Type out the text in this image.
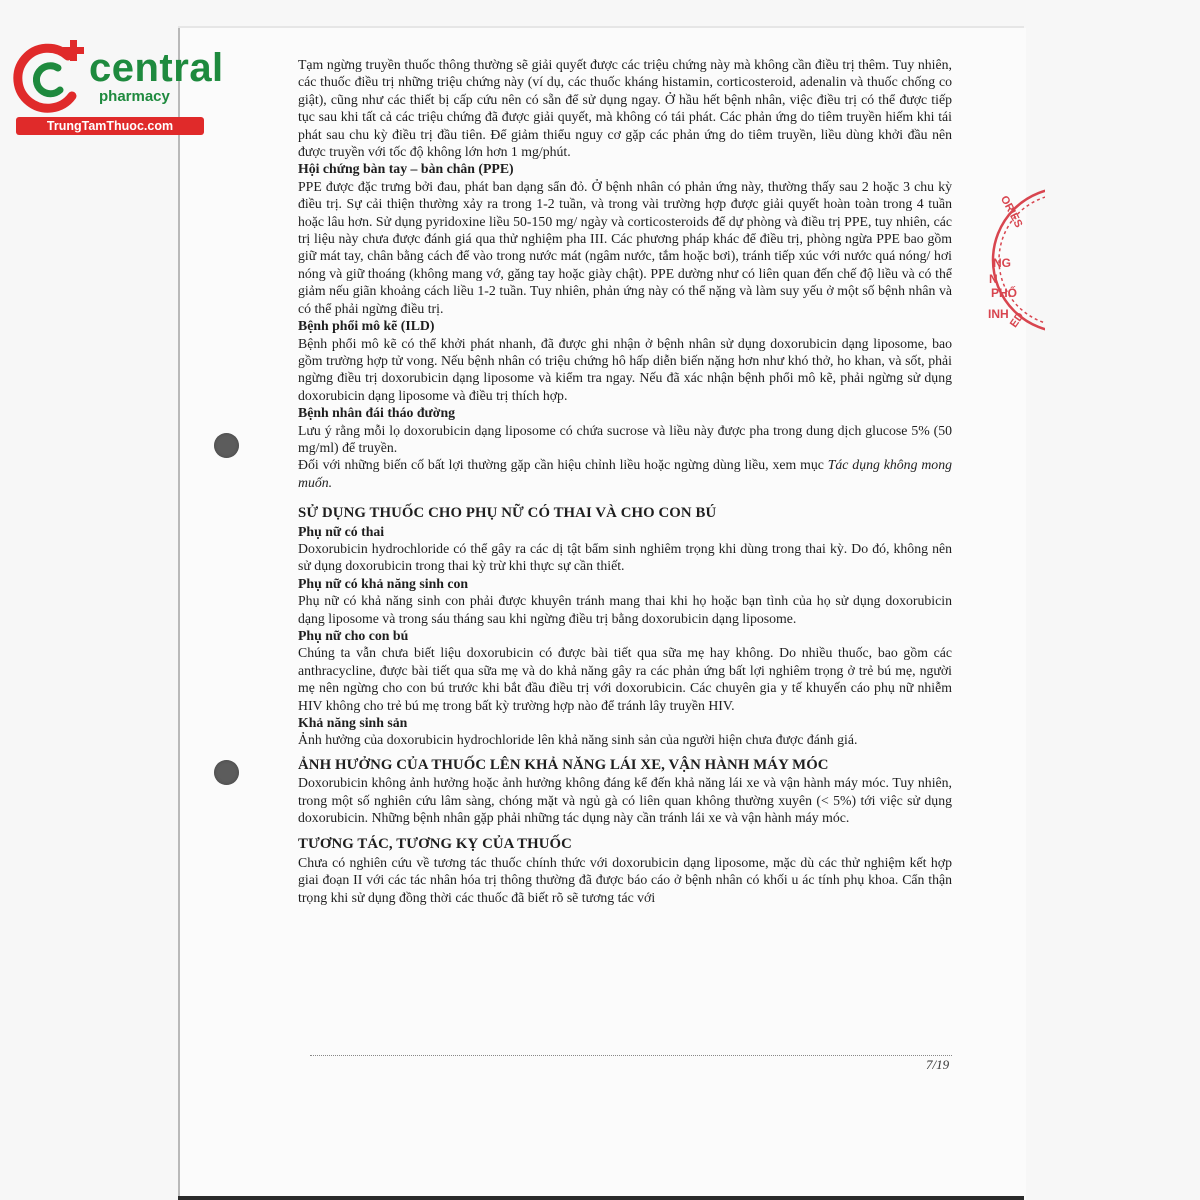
central
pharmacy
TrungTamThuoc.com
ORIES
ED
NG
N
PHỐ
INH

Tạm ngừng truyền thuốc thông thường sẽ giải quyết được các triệu chứng này mà không cần điều trị thêm. Tuy nhiên, các thuốc điều trị những triệu chứng này (ví dụ, các thuốc kháng histamin, corticosteroid, adenalin và thuốc chống co giật), cũng như các thiết bị cấp cứu nên có sẵn để sử dụng ngay. Ở hầu hết bệnh nhân, việc điều trị có thể được tiếp tục sau khi tất cả các triệu chứng đã được giải quyết, mà không có tái phát. Các phản ứng do tiêm truyền hiếm khi tái phát sau chu kỳ điều trị đầu tiên. Để giảm thiểu nguy cơ gặp các phản ứng do tiêm truyền, liều dùng khởi đầu nên được truyền với tốc độ không lớn hơn 1 mg/phút.

Hội chứng bàn tay – bàn chân (PPE)

PPE được đặc trưng bởi đau, phát ban dạng sẩn đỏ. Ở bệnh nhân có phản ứng này, thường thấy sau 2 hoặc 3 chu kỳ điều trị. Sự cải thiện thường xảy ra trong 1-2 tuần, và trong vài trường hợp được giải quyết hoàn toàn trong 4 tuần hoặc lâu hơn. Sử dụng pyridoxine liều 50-150 mg/ ngày và corticosteroids để dự phòng và điều trị PPE, tuy nhiên, các trị liệu này chưa được đánh giá qua thử nghiệm pha III. Các phương pháp khác để điều trị, phòng ngừa PPE bao gồm giữ mát tay, chân bằng cách để vào trong nước mát (ngâm nước, tắm hoặc bơi), tránh tiếp xúc với nước quá nóng/ hơi nóng và giữ thoáng (không mang vớ, găng tay hoặc giày chật). PPE dường như có liên quan đến chế độ liều và có thể giảm nếu giãn khoảng cách liều 1-2 tuần. Tuy nhiên, phản ứng này có thể nặng và làm suy yếu ở một số bệnh nhân và có thể phải ngừng điều trị.

Bệnh phổi mô kẽ (ILD)

Bệnh phổi mô kẽ có thể khởi phát nhanh, đã được ghi nhận ở bệnh nhân sử dụng doxorubicin dạng liposome, bao gồm trường hợp tử vong. Nếu bệnh nhân có triệu chứng hô hấp diễn biến nặng hơn như khó thở, ho khan, và sốt, phải ngừng điều trị doxorubicin dạng liposome và kiểm tra ngay. Nếu đã xác nhận bệnh phổi mô kẽ, phải ngừng sử dụng doxorubicin dạng liposome và điều trị thích hợp.

Bệnh nhân đái tháo đường

Lưu ý rằng mỗi lọ doxorubicin dạng liposome có chứa sucrose và liều này được pha trong dung dịch glucose 5% (50 mg/ml) để truyền.

Đối với những biến cố bất lợi thường gặp cần hiệu chỉnh liều hoặc ngừng dùng liều, xem mục Tác dụng không mong muốn.

SỬ DỤNG THUỐC CHO PHỤ NỮ CÓ THAI VÀ CHO CON BÚ
Phụ nữ có thai

Doxorubicin hydrochloride có thể gây ra các dị tật bẩm sinh nghiêm trọng khi dùng trong thai kỳ. Do đó, không nên sử dụng doxorubicin trong thai kỳ trừ khi thực sự cần thiết.

Phụ nữ có khả năng sinh con

Phụ nữ có khả năng sinh con phải được khuyên tránh mang thai khi họ hoặc bạn tình của họ sử dụng doxorubicin dạng liposome và trong sáu tháng sau khi ngừng điều trị bằng doxorubicin dạng liposome.

Phụ nữ cho con bú

Chúng ta vẫn chưa biết liệu doxorubicin có được bài tiết qua sữa mẹ hay không. Do nhiều thuốc, bao gồm các anthracycline, được bài tiết qua sữa mẹ và do khả năng gây ra các phản ứng bất lợi nghiêm trọng ở trẻ bú mẹ, người mẹ nên ngừng cho con bú trước khi bắt đầu điều trị với doxorubicin. Các chuyên gia y tế khuyến cáo phụ nữ nhiễm HIV không cho trẻ bú mẹ trong bất kỳ trường hợp nào để tránh lây truyền HIV.

Khả năng sinh sản

Ảnh hưởng của doxorubicin hydrochloride lên khả năng sinh sản của người hiện chưa được đánh giá.

ẢNH HƯỞNG CỦA THUỐC LÊN KHẢ NĂNG LÁI XE, VẬN HÀNH MÁY MÓC

Doxorubicin không ảnh hưởng hoặc ảnh hưởng không đáng kể đến khả năng lái xe và vận hành máy móc. Tuy nhiên, trong một số nghiên cứu lâm sàng, chóng mặt và ngủ gà có liên quan không thường xuyên (< 5%) tới việc sử dụng doxorubicin. Những bệnh nhân gặp phải những tác dụng này cần tránh lái xe và vận hành máy móc.

TƯƠNG TÁC, TƯƠNG KỴ CỦA THUỐC

Chưa có nghiên cứu về tương tác thuốc chính thức với doxorubicin dạng liposome, mặc dù các thử nghiệm kết hợp giai đoạn II với các tác nhân hóa trị thông thường đã được báo cáo ở bệnh nhân có khối u ác tính phụ khoa. Cẩn thận trọng khi sử dụng đồng thời các thuốc đã biết rõ sẽ tương tác với

7/19
